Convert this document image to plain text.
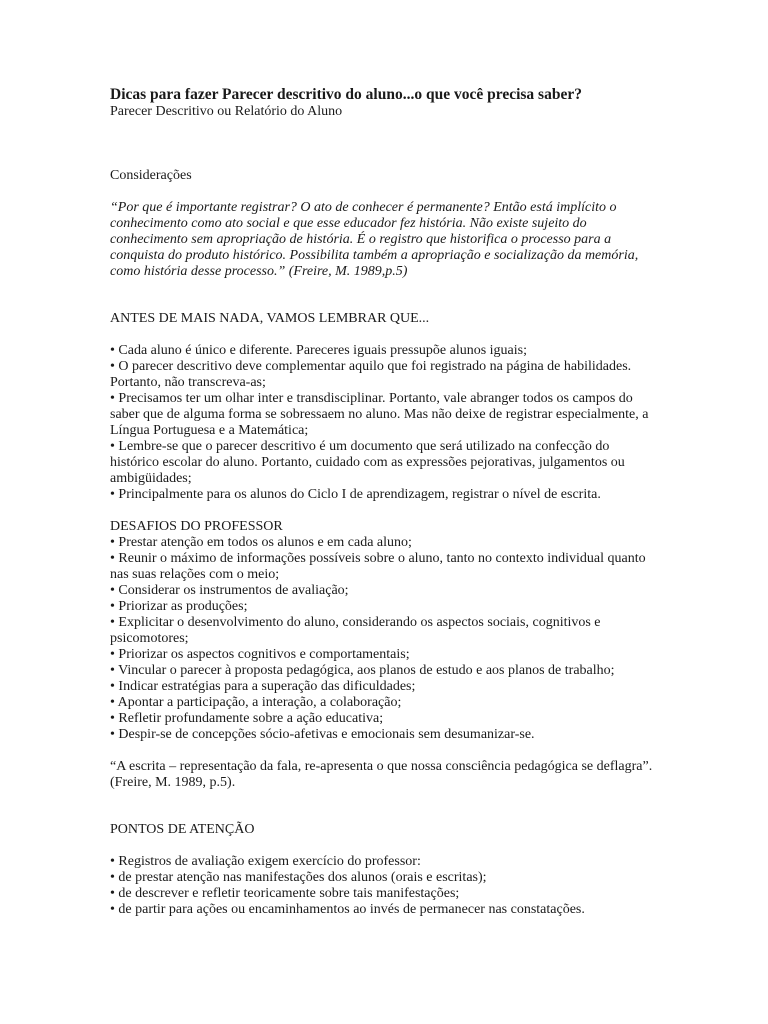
Dicas para fazer Parecer descritivo do aluno...o que você precisa saber?

Parecer Descritivo ou Relatório do Aluno

Considerações

“Por que é importante registrar? O ato de conhecer é permanente? Então está implícito o conhecimento como ato social e que esse educador fez história. Não existe sujeito do conhecimento sem apropriação de história. É o registro que historifica o processo para a conquista do produto histórico. Possibilita também a apropriação e socialização da memória, como história desse processo.” (Freire, M. 1989,p.5)

ANTES DE MAIS NADA, VAMOS LEMBRAR QUE...

• Cada aluno é único e diferente. Pareceres iguais pressupõe alunos iguais;
• O parecer descritivo deve complementar aquilo que foi registrado na página de habilidades. Portanto, não transcreva-as;
• Precisamos ter um olhar inter e transdisciplinar. Portanto, vale abranger todos os campos do saber que de alguma forma se sobressaem no aluno. Mas não deixe de registrar especialmente, a Língua Portuguesa e a Matemática;
• Lembre-se que o parecer descritivo é um documento que será utilizado na confecção do histórico escolar do aluno. Portanto, cuidado com as expressões pejorativas, julgamentos ou ambigüidades;
• Principalmente para os alunos do Ciclo I de aprendizagem, registrar o nível de escrita.

DESAFIOS DO PROFESSOR

• Prestar atenção em todos os alunos e em cada aluno;
• Reunir o máximo de informações possíveis sobre o aluno, tanto no contexto individual quanto nas suas relações com o meio;
• Considerar os instrumentos de avaliação;
• Priorizar as produções;
• Explicitar o desenvolvimento do aluno, considerando os aspectos sociais, cognitivos e psicomotores;
• Priorizar os aspectos cognitivos e comportamentais;
• Vincular o parecer à proposta pedagógica, aos planos de estudo e aos planos de trabalho;
• Indicar estratégias para a superação das dificuldades;
• Apontar a participação, a interação, a colaboração;
• Refletir profundamente sobre a ação educativa;
• Despir-se de concepções sócio-afetivas e emocionais sem desumanizar-se.

“A escrita – representação da fala, re-apresenta o que nossa consciência pedagógica se deflagra”. (Freire, M. 1989, p.5).

PONTOS DE ATENÇÃO

• Registros de avaliação exigem exercício do professor:
• de prestar atenção nas manifestações dos alunos (orais e escritas);
• de descrever e refletir teoricamente sobre tais manifestações;
• de partir para ações ou encaminhamentos ao invés de permanecer nas constatações.
